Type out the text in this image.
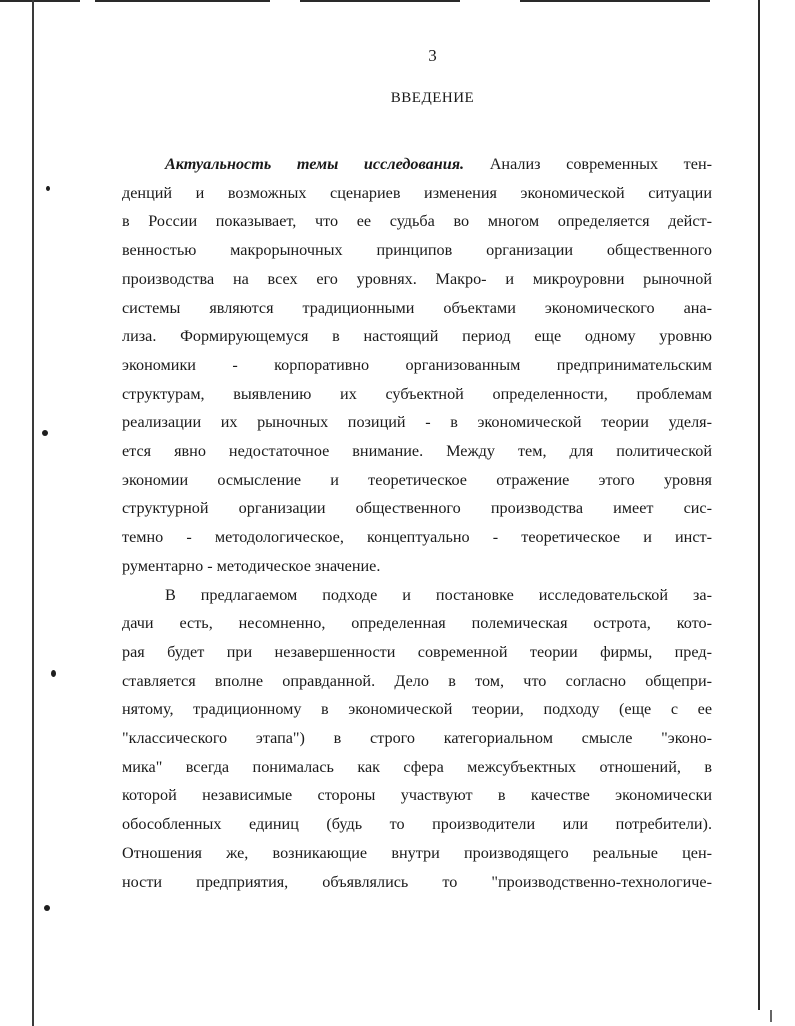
3
ВВЕДЕНИЕ
Актуальность темы исследования. Анализ современных тен-
денций и возможных сценариев изменения экономической ситуации
в России показывает, что ее судьба во многом определяется дейст-
венностью макрорыночных принципов организации общественного
производства на всех его уровнях. Макро- и микроуровни рыночной
системы являются традиционными объектами экономического ана-
лиза. Формирующемуся в настоящий период еще одному уровню
экономики - корпоративно организованным предпринимательским
структурам, выявлению их субъектной определенности, проблемам
реализации их рыночных позиций - в экономической теории уделя-
ется явно недостаточное внимание. Между тем, для политической
экономии осмысление и теоретическое отражение этого уровня
структурной организации общественного производства имеет сис-
темно - методологическое, концептуально - теоретическое и инст-
рументарно - методическое значение.
В предлагаемом подходе и постановке исследовательской за-
дачи есть, несомненно, определенная полемическая острота, кото-
рая будет при незавершенности современной теории фирмы, пред-
ставляется вполне оправданной. Дело в том, что согласно общепри-
нятому, традиционному в экономической теории, подходу (еще с ее
"классического этапа") в строго категориальном смысле "эконо-
мика" всегда понималась как сфера межсубъектных отношений, в
которой независимые стороны участвуют в качестве экономически
обособленных единиц (будь то производители или потребители).
Отношения же, возникающие внутри производящего реальные цен-
ности предприятия, объявлялись то "производственно-технологиче-
